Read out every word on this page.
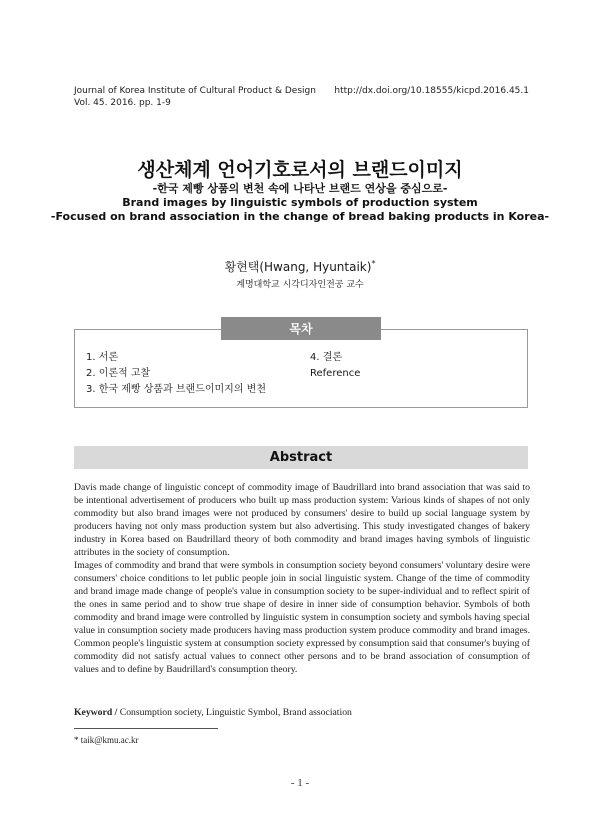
Journal of Korea Institute of Cultural Product & Design
Vol. 45. 2016. pp. 1-9
http://dx.doi.org/10.18555/kicpd.2016.45.1
생산체계 언어기호로서의 브랜드이미지
-한국 제빵 상품의 변천 속에 나타난 브랜드 연상을 중심으로-
Brand images by linguistic symbols of production system
-Focused on brand association in the change of bread baking products in Korea-
황현택(Hwang, Hyuntaik)*
계명대학교 시각디자인전공 교수
목차
1. 서론
2. 이론적 고찰
3. 한국 제빵 상품과 브랜드이미지의 변천
4. 결론
Reference
Abstract

Davis made change of linguistic concept of commodity image of Baudrillard into brand association that was said to be intentional advertisement of producers who built up mass production system: Various kinds of shapes of not only commodity but also brand images were not produced by consumers' desire to build up social language system by producers having not only mass production system but also advertising. This study investigated changes of bakery industry in Korea based on Baudrillard theory of both commodity and brand images having symbols of linguistic attributes in the society of consumption.

Images of commodity and brand that were symbols in consumption society beyond consumers' voluntary desire were consumers' choice conditions to let public people join in social linguistic system. Change of the time of commodity and brand image made change of people's value in consumption society to be super-individual and to reflect spirit of the ones in same period and to show true shape of desire in inner side of consumption behavior. Symbols of both commodity and brand image were controlled by linguistic system in consumption society and symbols having special value in consumption society made producers having mass production system produce commodity and brand images. Common people's linguistic system at consumption society expressed by consumption said that consumer's buying of commodity did not satisfy actual values to connect other persons and to be brand association of consumption of values and to define by Baudrillard's consumption theory.

Keyword / Consumption society, Linguistic Symbol, Brand association
* taik@kmu.ac.kr
- 1 -
